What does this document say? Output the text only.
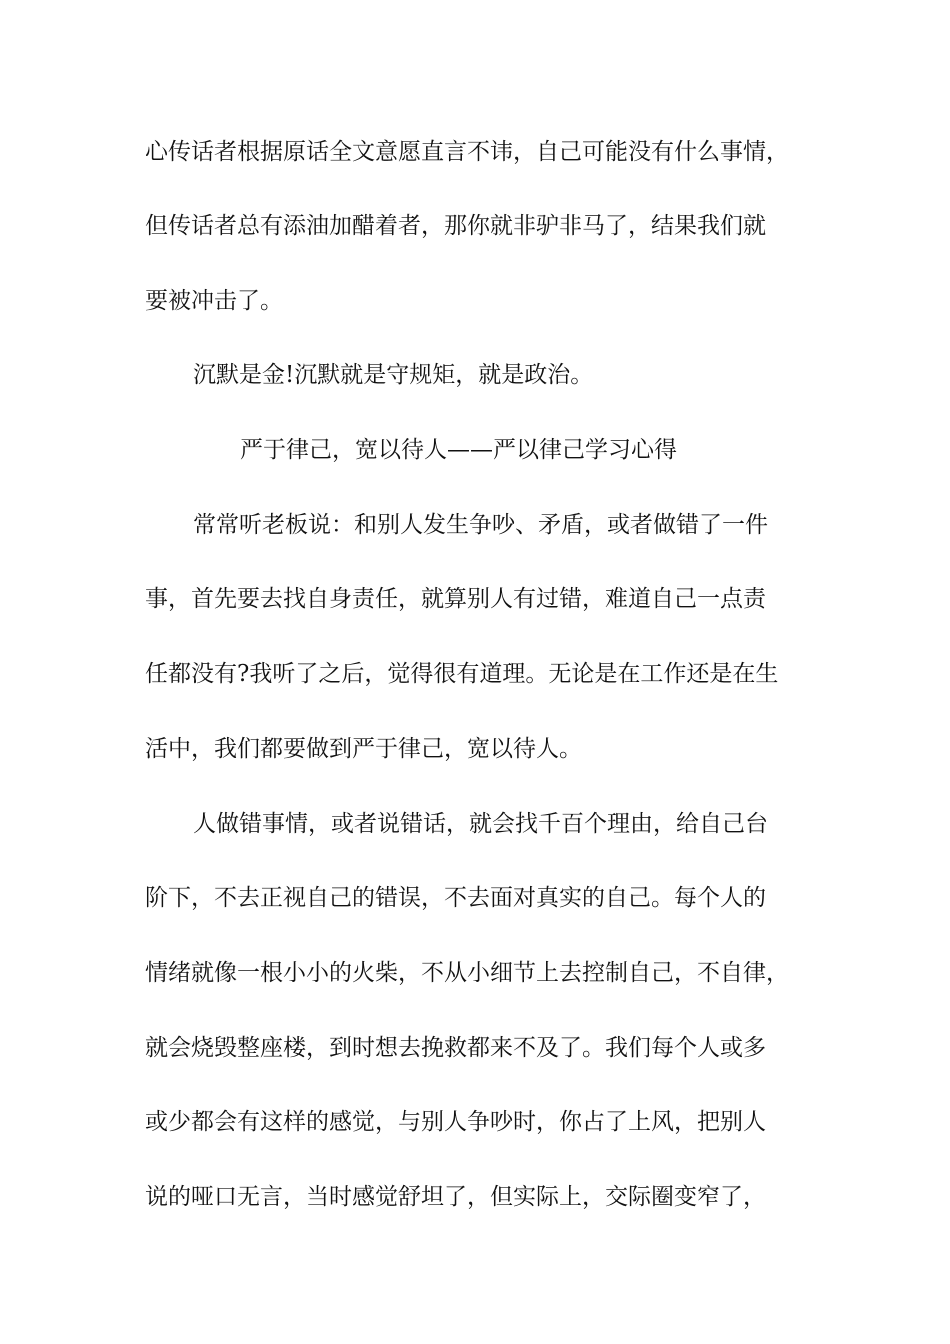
心传话者根据原话全文意愿直言不讳，自己可能没有什么事情，
但传话者总有添油加醋着者，那你就非驴非马了，结果我们就
要被冲击了。
沉默是金!沉默就是守规矩，就是政治。
严于律己，宽以待人——严以律己学习心得
常常听老板说：和别人发生争吵、矛盾，或者做错了一件
事，首先要去找自身责任，就算别人有过错，难道自己一点责
任都没有?我听了之后，觉得很有道理。无论是在工作还是在生
活中，我们都要做到严于律己，宽以待人。
人做错事情，或者说错话，就会找千百个理由，给自己台
阶下，不去正视自己的错误，不去面对真实的自己。每个人的
情绪就像一根小小的火柴，不从小细节上去控制自己，不自律，
就会烧毁整座楼，到时想去挽救都来不及了。我们每个人或多
或少都会有这样的感觉，与别人争吵时，你占了上风，把别人
说的哑口无言，当时感觉舒坦了，但实际上，交际圈变窄了，
